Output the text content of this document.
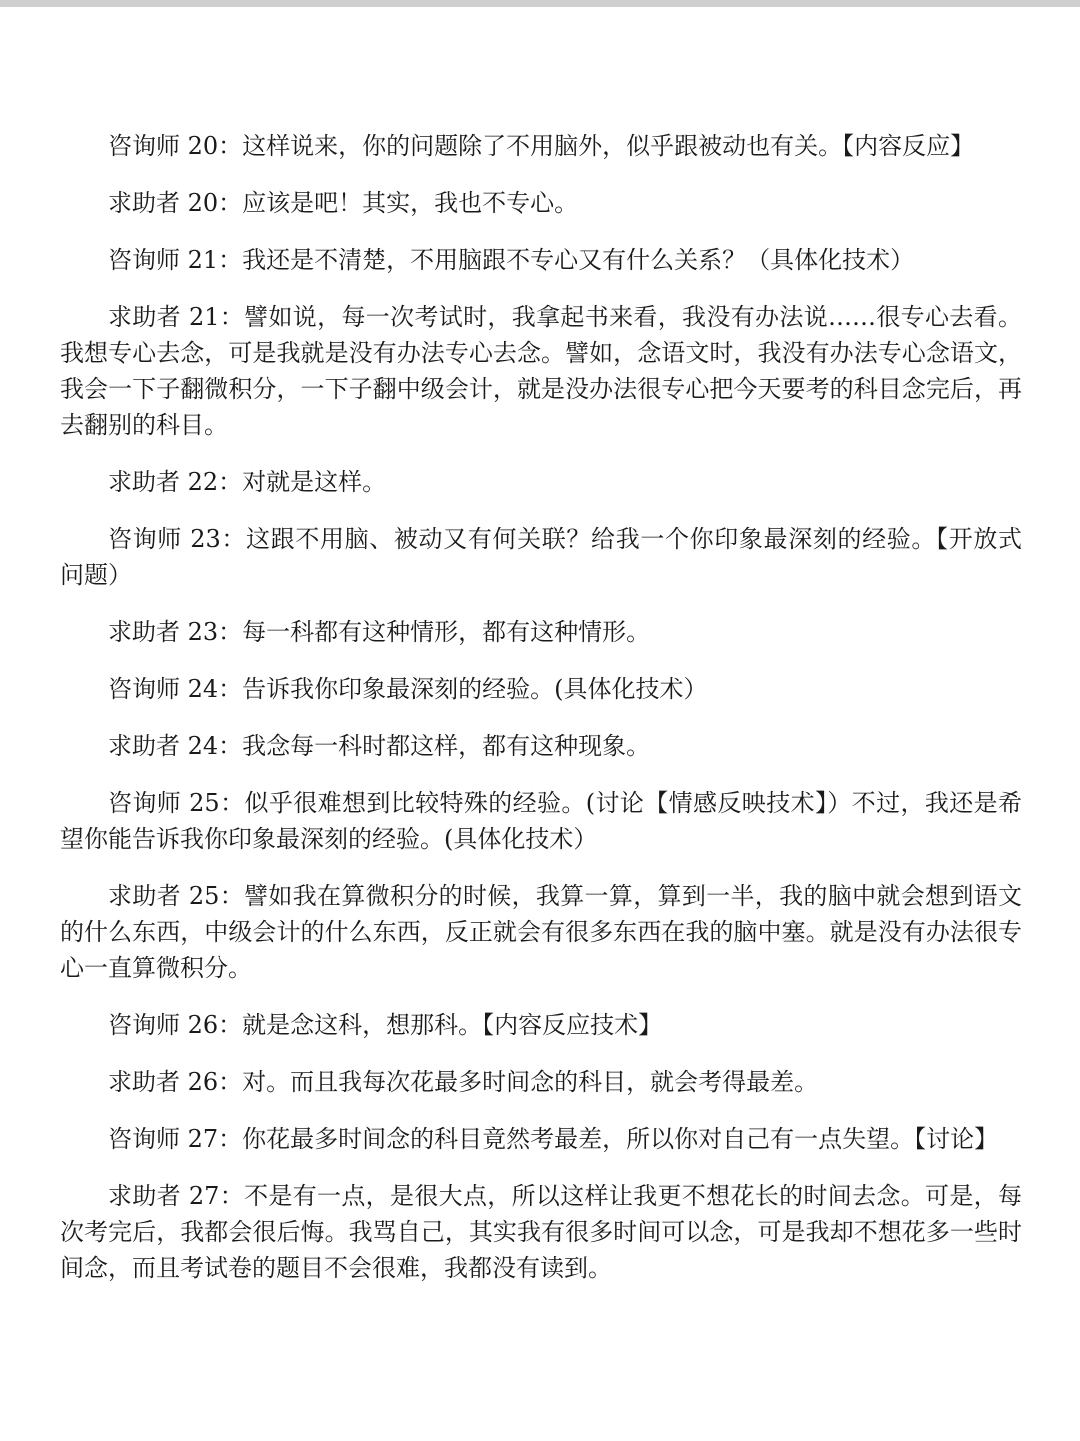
咨询师 20：这样说来，你的问题除了不用脑外，似乎跟被动也有关。【内容反应】

求助者 20：应该是吧！其实，我也不专心。

咨询师 21：我还是不清楚，不用脑跟不专心又有什么关系？（具体化技术）

求助者 21：譬如说，每一次考试时，我拿起书来看，我没有办法说……很专心去看。我想专心去念，可是我就是没有办法专心去念。譬如，念语文时，我没有办法专心念语文，我会一下子翻微积分，一下子翻中级会计，就是没办法很专心把今天要考的科目念完后，再去翻别的科目。

求助者 22：对就是这样。

咨询师 23：这跟不用脑、被动又有何关联？给我一个你印象最深刻的经验。【开放式问题）

求助者 23：每一科都有这种情形，都有这种情形。

咨询师 24：告诉我你印象最深刻的经验。(具体化技术）

求助者 24：我念每一科时都这样，都有这种现象。

咨询师 25：似乎很难想到比较特殊的经验。(讨论【情感反映技术】）不过，我还是希望你能告诉我你印象最深刻的经验。(具体化技术）

求助者 25：譬如我在算微积分的时候，我算一算，算到一半，我的脑中就会想到语文的什么东西，中级会计的什么东西，反正就会有很多东西在我的脑中塞。就是没有办法很专心一直算微积分。

咨询师 26：就是念这科，想那科。【内容反应技术】

求助者 26：对。而且我每次花最多时间念的科目，就会考得最差。

咨询师 27：你花最多时间念的科目竟然考最差，所以你对自己有一点失望。【讨论】

求助者 27：不是有一点，是很大点，所以这样让我更不想花长的时间去念。可是，每次考完后，我都会很后悔。我骂自己，其实我有很多时间可以念，可是我却不想花多一些时间念，而且考试卷的题目不会很难，我都没有读到。
